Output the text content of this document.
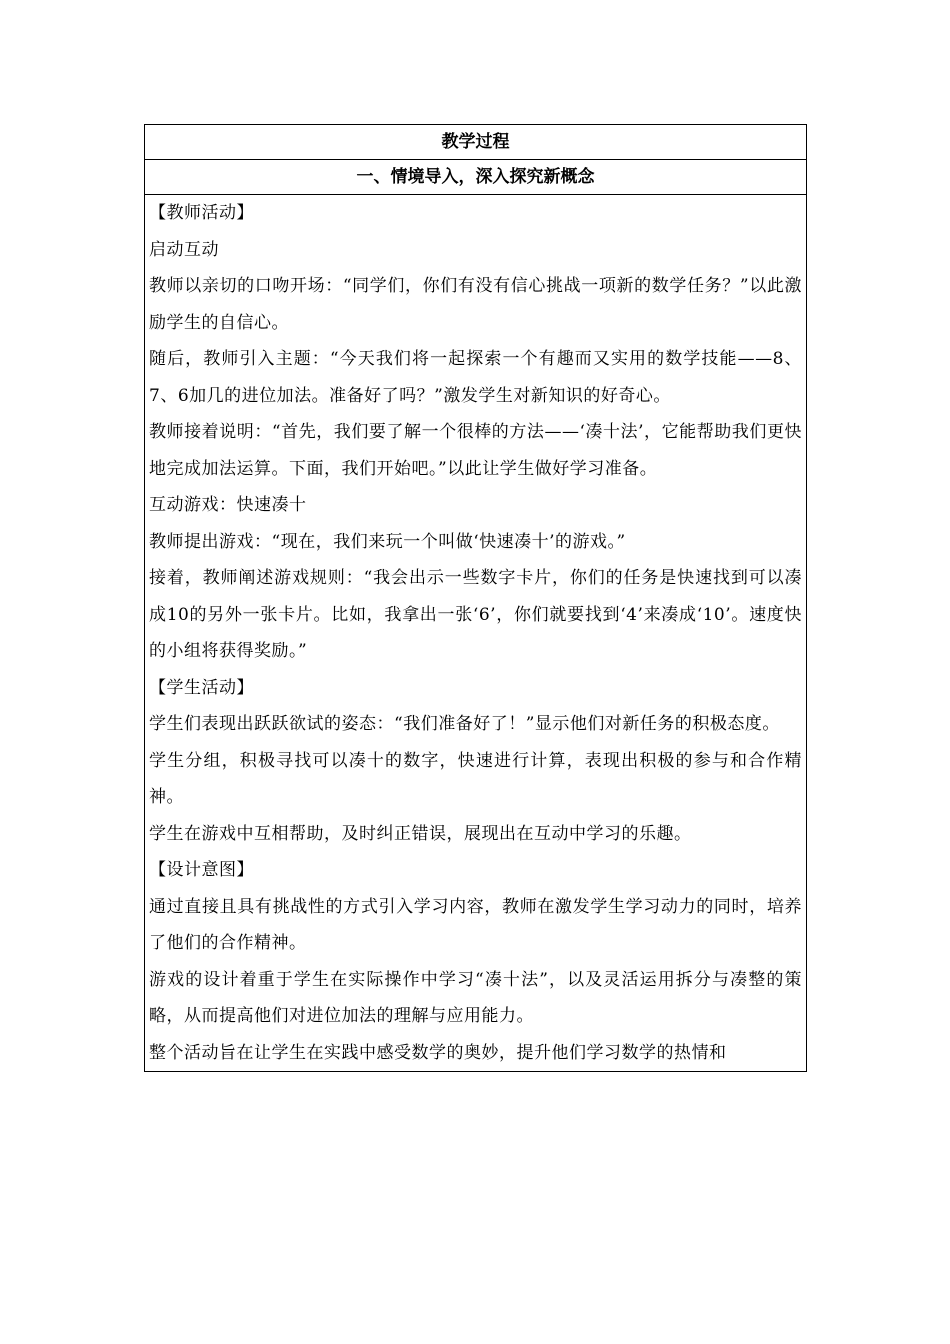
教学过程
一、情境导入，深入探究新概念

【教师活动】

启动互动

教师以亲切的口吻开场：“同学们，你们有没有信心挑战一项新的数学任务？”以此激励学生的自信心。

随后，教师引入主题：“今天我们将一起探索一个有趣而又实用的数学技能——8、7、6加几的进位加法。准备好了吗？”激发学生对新知识的好奇心。

教师接着说明：“首先，我们要了解一个很棒的方法——‘凑十法’，它能帮助我们更快地完成加法运算。下面，我们开始吧。”以此让学生做好学习准备。

互动游戏：快速凑十

教师提出游戏：“现在，我们来玩一个叫做‘快速凑十’的游戏。”

接着，教师阐述游戏规则：“我会出示一些数字卡片，你们的任务是快速找到可以凑成10的另外一张卡片。比如，我拿出一张‘6’，你们就要找到‘4’来凑成‘10’。速度快的小组将获得奖励。”

【学生活动】

学生们表现出跃跃欲试的姿态：“我们准备好了！”显示他们对新任务的积极态度。

学生分组，积极寻找可以凑十的数字，快速进行计算，表现出积极的参与和合作精神。

学生在游戏中互相帮助，及时纠正错误，展现出在互动中学习的乐趣。

【设计意图】

通过直接且具有挑战性的方式引入学习内容，教师在激发学生学习动力的同时，培养了他们的合作精神。

游戏的设计着重于学生在实际操作中学习“凑十法”，以及灵活运用拆分与凑整的策略，从而提高他们对进位加法的理解与应用能力。

整个活动旨在让学生在实践中感受数学的奥妙，提升他们学习数学的热情和
